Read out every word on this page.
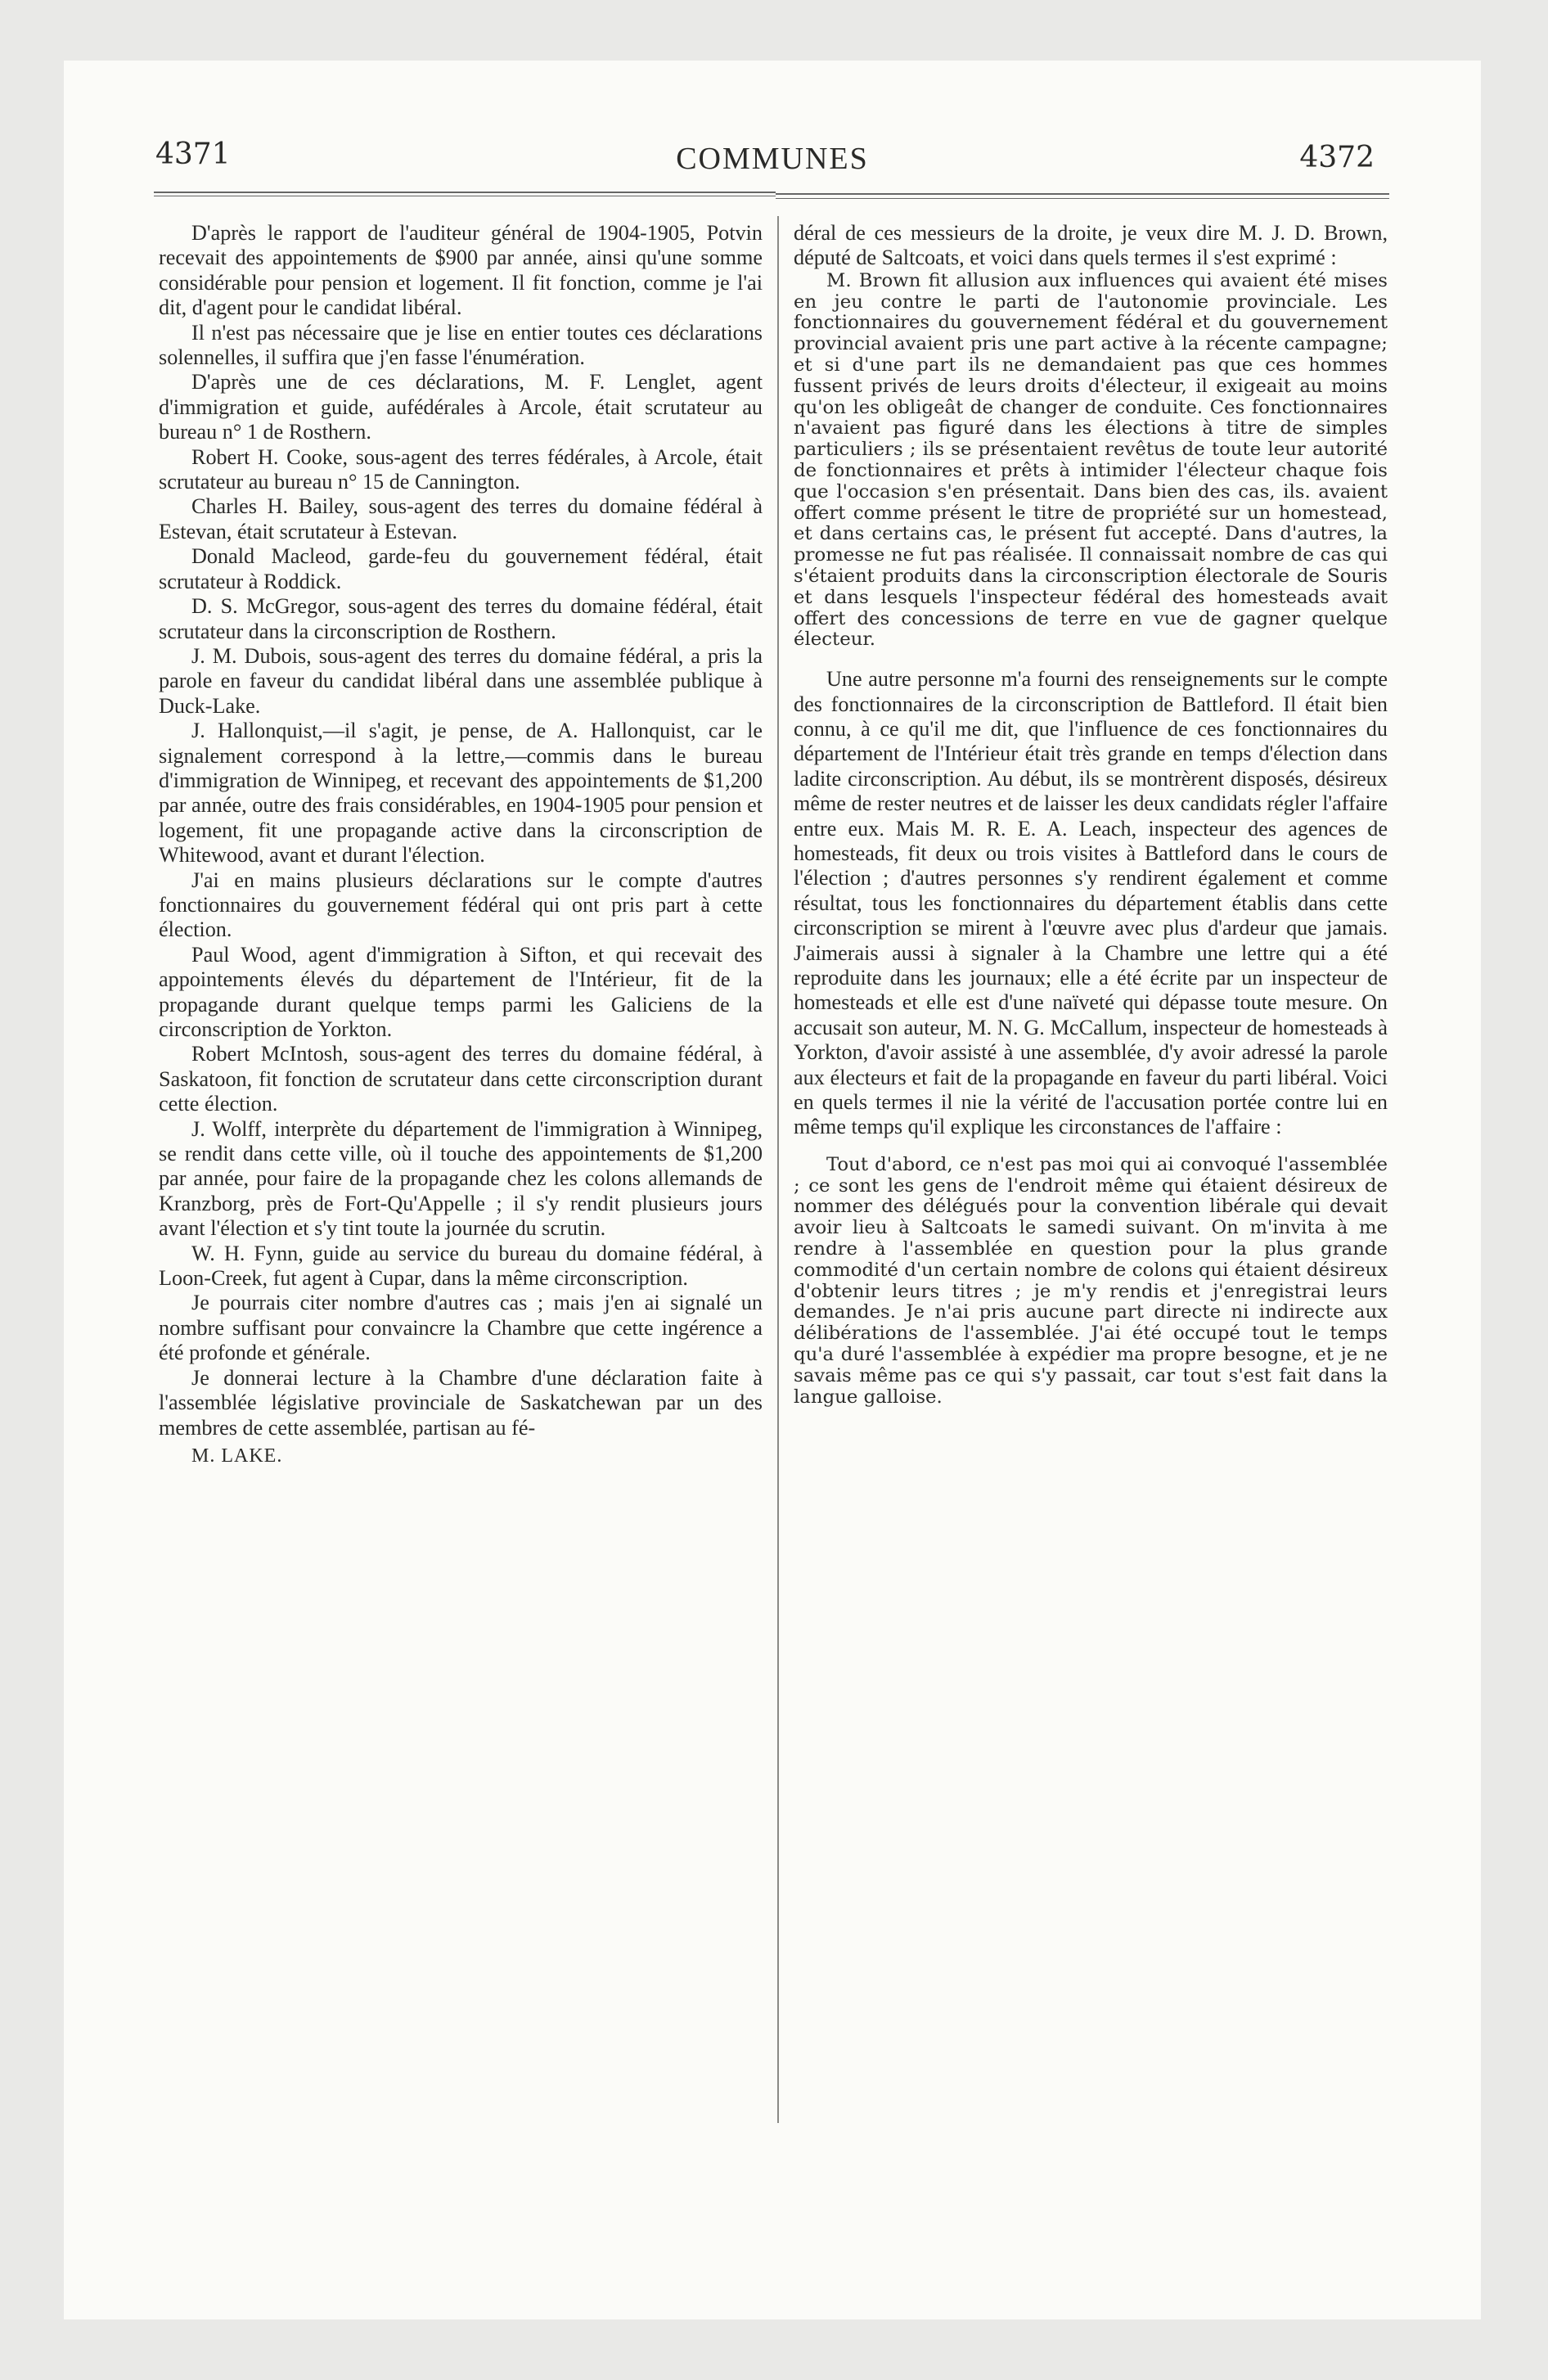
4371	COMMUNES	4372

D'après le rapport de l'auditeur général de 1904-1905, Potvin recevait des appointements de $900 par année, ainsi qu'une somme considérable pour pension et logement. Il fit fonction, comme je l'ai dit, d'agent pour le candidat libéral.

Il n'est pas nécessaire que je lise en entier toutes ces déclarations solennelles, il suffira que j'en fasse l'énumération.

D'après une de ces déclarations, M. F. Lenglet, agent d'immigration et guide, aufédérales à Arcole, était scrutateur au bureau n° 1 de Rosthern.

Robert H. Cooke, sous-agent des terres fédérales, à Arcole, était scrutateur au bureau n° 15 de Cannington.

Charles H. Bailey, sous-agent des terres du domaine fédéral à Estevan, était scrutateur à Estevan.

Donald Macleod, garde-feu du gouvernement fédéral, était scrutateur à Roddick.

D. S. McGregor, sous-agent des terres du domaine fédéral, était scrutateur dans la circonscription de Rosthern.

J. M. Dubois, sous-agent des terres du domaine fédéral, a pris la parole en faveur du candidat libéral dans une assemblée publique à Duck-Lake.

J. Hallonquist,—il s'agit, je pense, de A. Hallonquist, car le signalement correspond à la lettre,—commis dans le bureau d'immigration de Winnipeg, et recevant des appointements de $1,200 par année, outre des frais considérables, en 1904-1905 pour pension et logement, fit une propagande active dans la circonscription de Whitewood, avant et durant l'élection.

J'ai en mains plusieurs déclarations sur le compte d'autres fonctionnaires du gouvernement fédéral qui ont pris part à cette élection.

Paul Wood, agent d'immigration à Sifton, et qui recevait des appointements élevés du département de l'Intérieur, fit de la propagande durant quelque temps parmi les Galiciens de la circonscription de Yorkton.

Robert McIntosh, sous-agent des terres du domaine fédéral, à Saskatoon, fit fonction de scrutateur dans cette circonscription durant cette élection.

J. Wolff, interprète du département de l'immigration à Winnipeg, se rendit dans cette ville, où il touche des appointements de $1,200 par année, pour faire de la propagande chez les colons allemands de Kranzborg, près de Fort-Qu'Appelle ; il s'y rendit plusieurs jours avant l'élection et s'y tint toute la journée du scrutin.

W. H. Fynn, guide au service du bureau du domaine fédéral, à Loon-Creek, fut agent à Cupar, dans la même circonscription.

Je pourrais citer nombre d'autres cas ; mais j'en ai signalé un nombre suffisant pour convaincre la Chambre que cette ingérence a été profonde et générale.

Je donnerai lecture à la Chambre d'une déclaration faite à l'assemblée législative provinciale de Saskatchewan par un des membres de cette assemblée, partisan au fé-

M. LAKE.

déral de ces messieurs de la droite, je veux dire M. J. D. Brown, député de Saltcoats, et voici dans quels termes il s'est exprimé :

M. Brown fit allusion aux influences qui avaient été mises en jeu contre le parti de l'autonomie provinciale. Les fonctionnaires du gouvernement fédéral et du gouvernement provincial avaient pris une part active à la récente campagne; et si d'une part ils ne demandaient pas que ces hommes fussent privés de leurs droits d'électeur, il exigeait au moins qu'on les obligeât de changer de conduite. Ces fonctionnaires n'avaient pas figuré dans les élections à titre de simples particuliers ; ils se présentaient revêtus de toute leur autorité de fonctionnaires et prêts à intimider l'électeur chaque fois que l'occasion s'en présentait. Dans bien des cas, ils. avaient offert comme présent le titre de propriété sur un homestead, et dans certains cas, le présent fut accepté. Dans d'autres, la promesse ne fut pas réalisée. Il connaissait nombre de cas qui s'étaient produits dans la circonscription électorale de Souris et dans lesquels l'inspecteur fédéral des homesteads avait offert des concessions de terre en vue de gagner quelque électeur.

Une autre personne m'a fourni des renseignements sur le compte des fonctionnaires de la circonscription de Battleford. Il était bien connu, à ce qu'il me dit, que l'influence de ces fonctionnaires du département de l'Intérieur était très grande en temps d'élection dans ladite circonscription. Au début, ils se montrèrent disposés, désireux même de rester neutres et de laisser les deux candidats régler l'affaire entre eux. Mais M. R. E. A. Leach, inspecteur des agences de homesteads, fit deux ou trois visites à Battleford dans le cours de l'élection ; d'autres personnes s'y rendirent également et comme résultat, tous les fonctionnaires du département établis dans cette circonscription se mirent à l'œuvre avec plus d'ardeur que jamais. J'aimerais aussi à signaler à la Chambre une lettre qui a été reproduite dans les journaux; elle a été écrite par un inspecteur de homesteads et elle est d'une naïveté qui dépasse toute mesure. On accusait son auteur, M. N. G. McCallum, inspecteur de homesteads à Yorkton, d'avoir assisté à une assemblée, d'y avoir adressé la parole aux électeurs et fait de la propagande en faveur du parti libéral. Voici en quels termes il nie la vérité de l'accusation portée contre lui en même temps qu'il explique les circonstances de l'affaire :

Tout d'abord, ce n'est pas moi qui ai convoqué l'assemblée ; ce sont les gens de l'endroit même qui étaient désireux de nommer des délégués pour la convention libérale qui devait avoir lieu à Saltcoats le samedi suivant. On m'invita à me rendre à l'assemblée en question pour la plus grande commodité d'un certain nombre de colons qui étaient désireux d'obtenir leurs titres ; je m'y rendis et j'enregistrai leurs demandes. Je n'ai pris aucune part directe ni indirecte aux délibérations de l'assemblée. J'ai été occupé tout le temps qu'a duré l'assemblée à expédier ma propre besogne, et je ne savais même pas ce qui s'y passait, car tout s'est fait dans la langue galloise.
